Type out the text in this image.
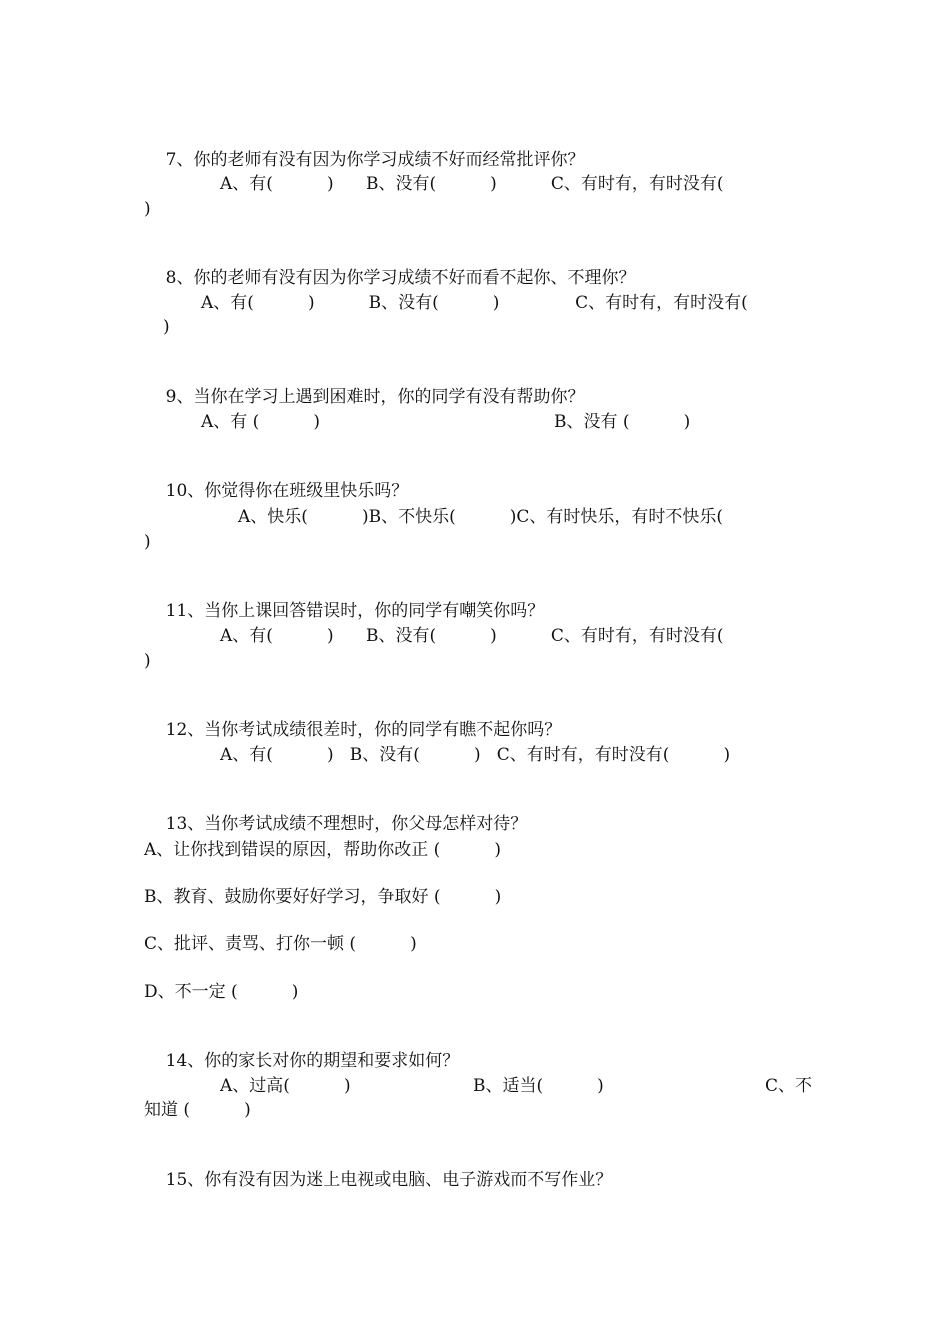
7、你的老师有没有因为你学习成绩不好而经常批评你？

A、有(          )      B、没有(          )          C、有时有，有时没有(
)

8、你的老师有没有因为你学习成绩不好而看不起你、不理你？

A、有(          )          B、没有(          )              C、有时有，有时没有(
)

9、当你在学习上遇到困难时，你的同学有没有帮助你？

A、有 (          )	B、没有 (          )

10、你觉得你在班级里快乐吗？

A、快乐(          )B、不快乐(          )C、有时快乐，有时不快乐(
)

11、当你上课回答错误时，你的同学有嘲笑你吗？

A、有(          )      B、没有(          )          C、有时有，有时没有(
)

12、当你考试成绩很差时，你的同学有瞧不起你吗？

A、有(          )   B、没有(          )   C、有时有，有时没有(          )

13、当你考试成绩不理想时，你父母怎样对待？

A、让你找到错误的原因，帮助你改正 (          )
B、教育、鼓励你要好好学习，争取好 (          )
C、批评、责骂、打你一顿 (          )
D、不一定 (          )

14、你的家长对你的期望和要求如何？

A、过高(          )	B、适当(          )	C、不
知道 (          )

15、你有没有因为迷上电视或电脑、电子游戏而不写作业？
